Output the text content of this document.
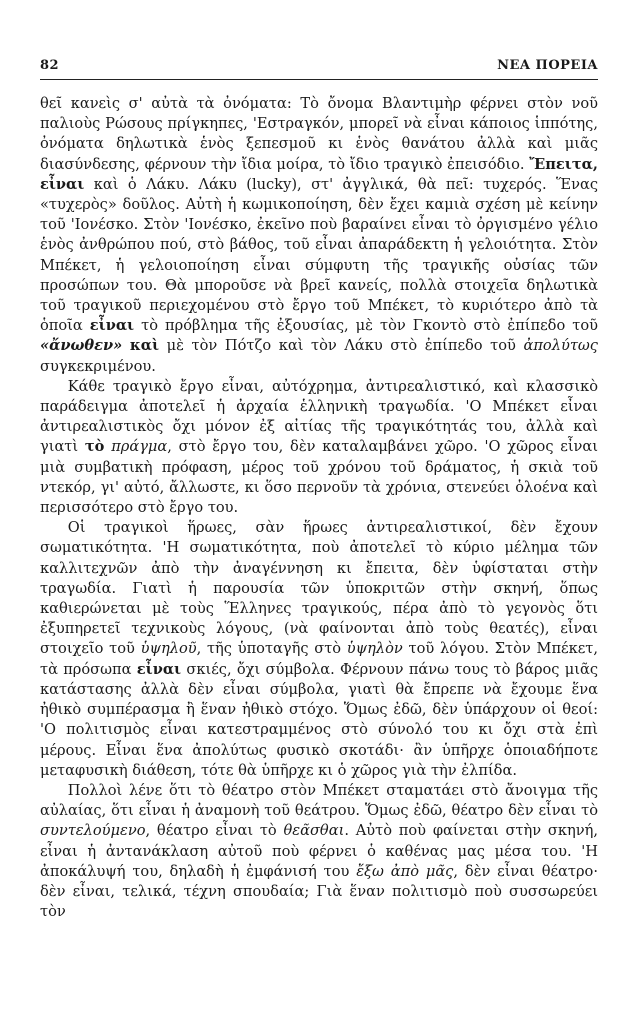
82	ΝΕΑ ΠΟΡΕΙΑ

θεῖ κανεὶς σ' αὐτὰ τὰ ὀνόματα: Τὸ ὄνομα Βλαντιμὴρ φέρνει στὸν νοῦ παλιοὺς Ρώσους πρίγκηπες, 'Εστραγκόν, μπορεῖ νὰ εἶναι κάποιος ἱππότης, ὀνόματα δηλωτικὰ ἑνὸς ξεπεσμοῦ κι ἑνὸς θανάτου ἀλλὰ καὶ μιᾶς διασύνδεσης, φέρνουν τὴν ἴδια μοίρα, τὸ ἴδιο τραγικὸ ἐπεισόδιο. Ἔπειτα, εἶναι καὶ ὁ Λάκυ. Λάκυ (lucky), στ' ἀγγλικά, θὰ πεῖ: τυχερός. Ἕνας «τυχερὸς» δοῦλος. Αὐτὴ ἡ κωμικοποίηση, δὲν ἔχει καμιὰ σχέση μὲ κείνην τοῦ 'Ιονέσκο. Στὸν 'Ιονέσκο, ἐκεῖνο ποὺ βαραίνει εἶναι τὸ ὀργισμένο γέλιο ἑνὸς ἀνθρώπου πού, στὸ βάθος, τοῦ εἶναι ἀπαράδεκτη ἡ γελοιότητα. Στὸν Μπέκετ, ἡ γελοιοποίηση εἶναι σύμφυτη τῆς τραγικῆς οὐσίας τῶν προσώπων του. Θὰ μποροῦσε νὰ βρεῖ κανείς, πολλὰ στοιχεῖα δηλωτικὰ τοῦ τραγικοῦ περιεχομένου στὸ ἔργο τοῦ Μπέκετ, τὸ κυριότερο ἀπὸ τὰ ὁποῖα εἶναι τὸ πρόβλημα τῆς ἐξουσίας, μὲ τὸν Γκοντὸ στὸ ἐπίπεδο τοῦ «ἄνωθεν» καὶ μὲ τὸν Πότζο καὶ τὸν Λάκυ στὸ ἐπίπεδο τοῦ ἀπολύτως συγκεκριμένου.

Κάθε τραγικὸ ἔργο εἶναι, αὐτόχρημα, ἀντιρεαλιστικό, καὶ κλασσικὸ παράδειγμα ἀποτελεῖ ἡ ἀρχαία ἑλληνικὴ τραγωδία. 'Ο Μπέκετ εἶναι ἀντιρεαλιστικὸς ὄχι μόνον ἐξ αἰτίας τῆς τραγικότητάς του, ἀλλὰ καὶ γιατὶ τὸ πράγμα, στὸ ἔργο του, δὲν καταλαμβάνει χῶρο. 'Ο χῶρος εἶναι μιὰ συμβατικὴ πρόφαση, μέρος τοῦ χρόνου τοῦ δράματος, ἡ σκιὰ τοῦ ντεκόρ, γι' αὐτό, ἄλλωστε, κι ὅσο περνοῦν τὰ χρόνια, στενεύει ὁλοένα καὶ περισσότερο στὸ ἔργο του.

Οἱ τραγικοὶ ἥρωες, σὰν ἥρωες ἀντιρεαλιστικοί, δὲν ἔχουν σωματικότητα. 'Η σωματικότητα, ποὺ ἀποτελεῖ τὸ κύριο μέλημα τῶν καλλιτεχνῶν ἀπὸ τὴν ἀναγέννηση κι ἔπειτα, δὲν ὑφίσταται στὴν τραγωδία. Γιατὶ ἡ παρουσία τῶν ὑποκριτῶν στὴν σκηνή, ὅπως καθιερώνεται μὲ τοὺς Ἕλληνες τραγικούς, πέρα ἀπὸ τὸ γεγονὸς ὅτι ἐξυπηρετεῖ τεχνικοὺς λόγους, (νὰ φαίνονται ἀπὸ τοὺς θεατές), εἶναι στοιχεῖο τοῦ ὑψηλοῦ, τῆς ὑποταγῆς στὸ ὑψηλὸν τοῦ λόγου. Στὸν Μπέκετ, τὰ πρόσωπα εἶναι σκιές, ὄχι σύμβολα. Φέρνουν πάνω τους τὸ βάρος μιᾶς κατάστασης ἀλλὰ δὲν εἶναι σύμβολα, γιατὶ θὰ ἔπρεπε νὰ ἔχουμε ἕνα ἠθικὸ συμπέρασμα ἢ ἕναν ἠθικὸ στόχο. Ὅμως ἐδῶ, δὲν ὑπάρχουν οἱ θεοί: 'Ο πολιτισμὸς εἶναι κατεστραμμένος στὸ σύνολό του κι ὄχι στὰ ἐπὶ μέρους. Εἶναι ἕνα ἀπολύτως φυσικὸ σκοτάδι· ἂν ὑπῆρχε ὁποιαδήποτε μεταφυσικὴ διάθεση, τότε θὰ ὑπῆρχε κι ὁ χῶρος γιὰ τὴν ἐλπίδα.

Πολλοὶ λένε ὅτι τὸ θέατρο στὸν Μπέκετ σταματάει στὸ ἄνοιγμα τῆς αὐλαίας, ὅτι εἶναι ἡ ἀναμονὴ τοῦ θεάτρου. Ὅμως ἐδῶ, θέατρο δὲν εἶναι τὸ συντελούμενο, θέατρο εἶναι τὸ θεᾶσθαι. Αὐτὸ ποὺ φαίνεται στὴν σκηνή, εἶναι ἡ ἀντανάκλαση αὐτοῦ ποὺ φέρνει ὁ καθένας μας μέσα του. 'Η ἀποκάλυψή του, δηλαδὴ ἡ ἐμφάνισή του ἔξω ἀπὸ μᾶς, δὲν εἶναι θέατρο· δὲν εἶναι, τελικά, τέχνη σπουδαία; Γιὰ ἕναν πολιτισμὸ ποὺ συσσωρεύει τὸν
